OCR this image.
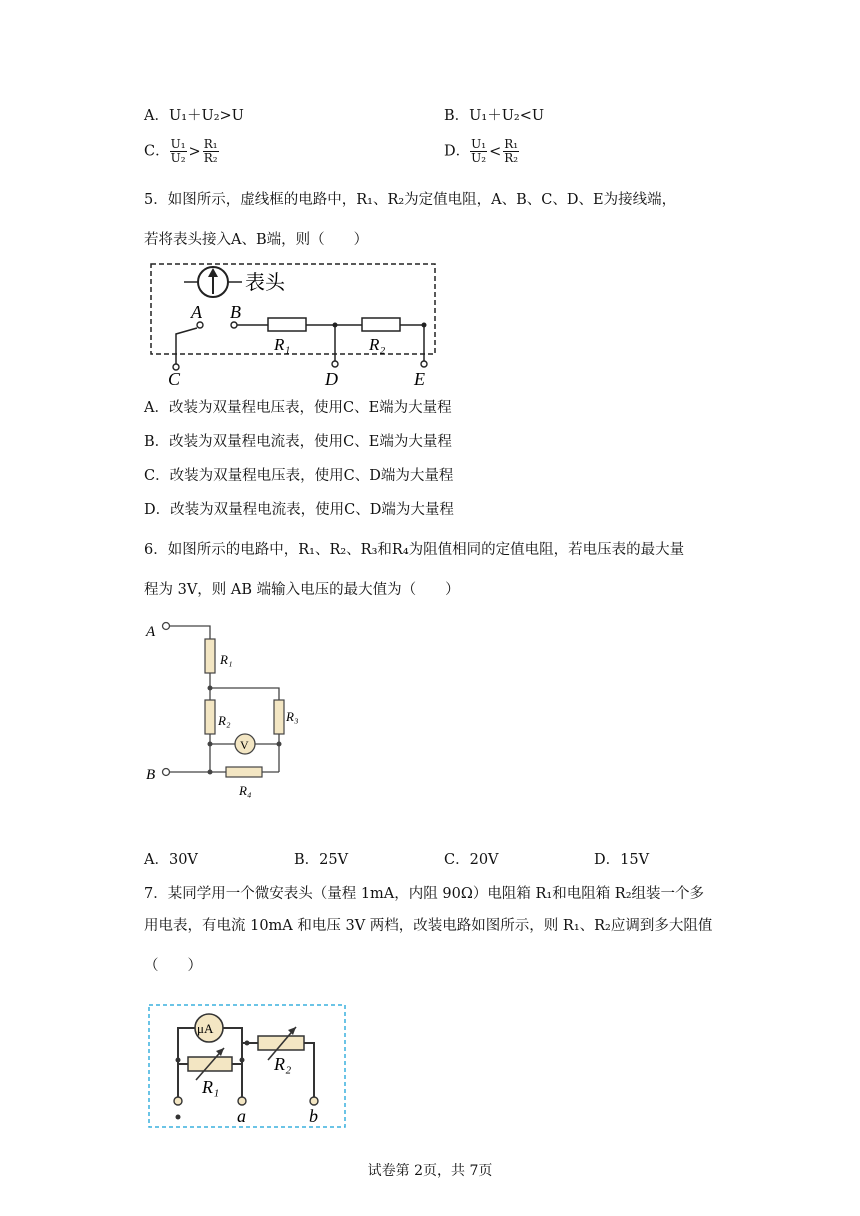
A．U₁＋U₂>U	B．U₁＋U₂<U
C． $\frac{\text{U₁}}{\text{U₂}} > \frac{\text{R₁}}{\text{R₂}}$	D． $\frac{\text{U₁}}{\text{U₂}} < \frac{\text{R₁}}{\text{R₂}}$
5．如图所示，虚线框的电路中，R₁、R₂为定值电阻，A、B、C、D、E为接线端，
若将表头接入A、B端，则（　　）
表头
A B
C
R₁	R₂
D	E
A．改装为双量程电压表，使用C、E端为大量程
B．改装为双量程电流表，使用C、E端为大量程
C．改装为双量程电压表，使用C、D端为大量程
D．改装为双量程电流表，使用C、D端为大量程
6．如图所示的电路中，R₁、R₂、R₃和R₄为阻值相同的定值电阻，若电压表的最大量
程为 3V，则 AB 端输入电压的最大值为（　　）
A
R₁
R₂	R₃
V
B
R₄
A．30V	B．25V	C．20V	D．15V
7．某同学用一个微安表头（量程 1mA，内阻 90Ω）电阻箱 R₁和电阻箱 R₂组装一个多
用电表，有电流 10mA 和电压 3V 两档，改装电路如图所示，则 R₁、R₂应调到多大阻值
（　　）
μA
R₁
a
R₂
b
试卷第 2页，共 7页
